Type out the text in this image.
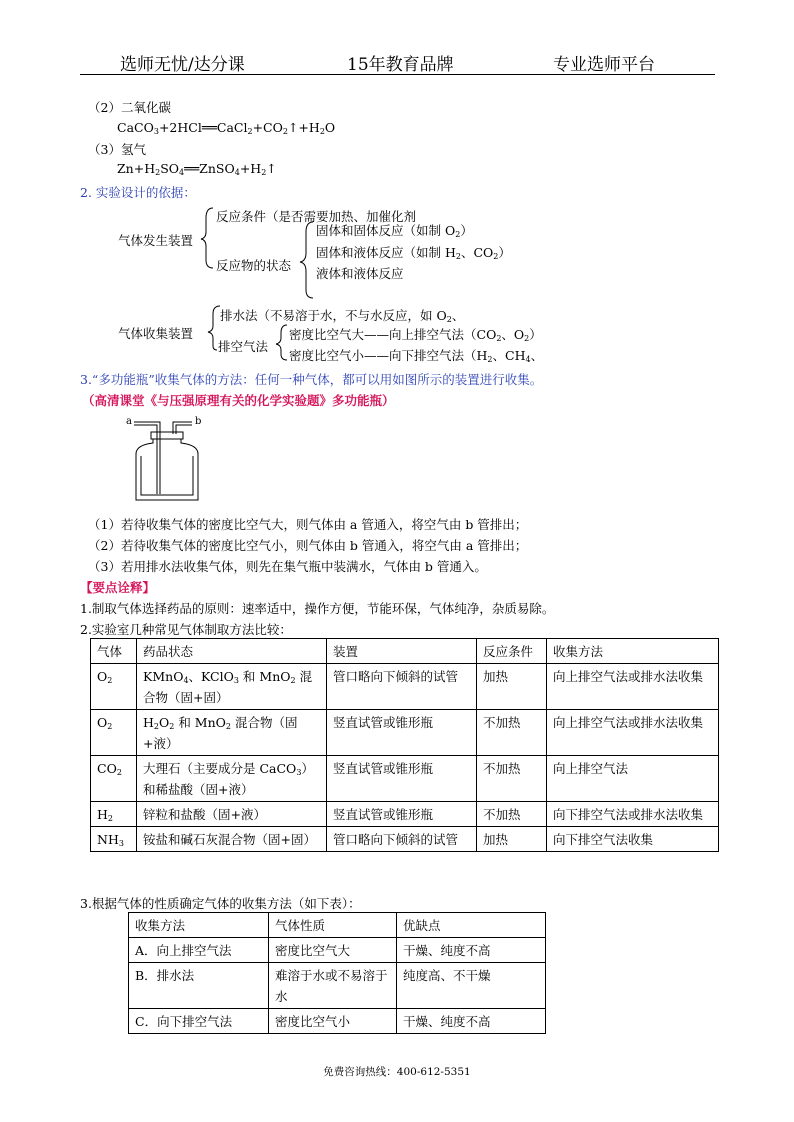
选师无忧/达分课	15年教育品牌	专业选师平台
（2）二氧化碳
$CaCO_3+2HCl══CaCl_2+CO_2↑+H_2O$
（3）氢气
$Zn+H_2SO_4══ZnSO_4+H_2↑$
2. 实验设计的依据：
气体发生装置
反应条件（是否需要加热、加催化剂
反应物的状态
固体和固体反应（如制 $O_2$）
固体和液体反应（如制 $H_2$、$CO_2$）
液体和液体反应
气体收集装置
排水法（不易溶于水，不与水反应，如 $O_2$、
排空气法
密度比空气大——向上排空气法（$CO_2$、$O_2$）
密度比空气小——向下排空气法（$H_2$、$CH_4$、
3.“多功能瓶”收集气体的方法：任何一种气体，都可以用如图所示的装置进行收集。
（高清课堂《与压强原理有关的化学实验题》多功能瓶）
a	b
（1）若待收集气体的密度比空气大，则气体由 a 管通入，将空气由 b 管排出；
（2）若待收集气体的密度比空气小，则气体由 b 管通入，将空气由 a 管排出；
（3）若用排水法收集气体，则先在集气瓶中装满水，气体由 b 管通入。
【要点诠释】
1.制取气体选择药品的原则：速率适中，操作方便，节能环保，气体纯净，杂质易除。
2.实验室几种常见气体制取方法比较：
气体	药品状态	装置	反应条件	收集方法
$O_2$	KMnO$_4$、KClO$_3$ 和 MnO$_2$ 混合物（固+固）	管口略向下倾斜的试管	加热	向上排空气法或排水法收集
$O_2$	$H_2O_2$ 和 MnO$_2$ 混合物（固+液）	竖直试管或锥形瓶	不加热	向上排空气法或排水法收集
$CO_2$	大理石（主要成分是 CaCO$_3$）和稀盐酸（固+液）	竖直试管或锥形瓶	不加热	向上排空气法
$H_2$	锌粒和盐酸（固+液）	竖直试管或锥形瓶	不加热	向下排空气法或排水法收集
$NH_3$	铵盐和碱石灰混合物（固+固）	管口略向下倾斜的试管	加热	向下排空气法收集
3.根据气体的性质确定气体的收集方法（如下表）：
收集方法	气体性质	优缺点
A．向上排空气法	密度比空气大	干燥、纯度不高
B．排水法	难溶于水或不易溶于水	纯度高、不干燥
C．向下排空气法	密度比空气小	干燥、纯度不高
免费咨询热线：400-612-5351
